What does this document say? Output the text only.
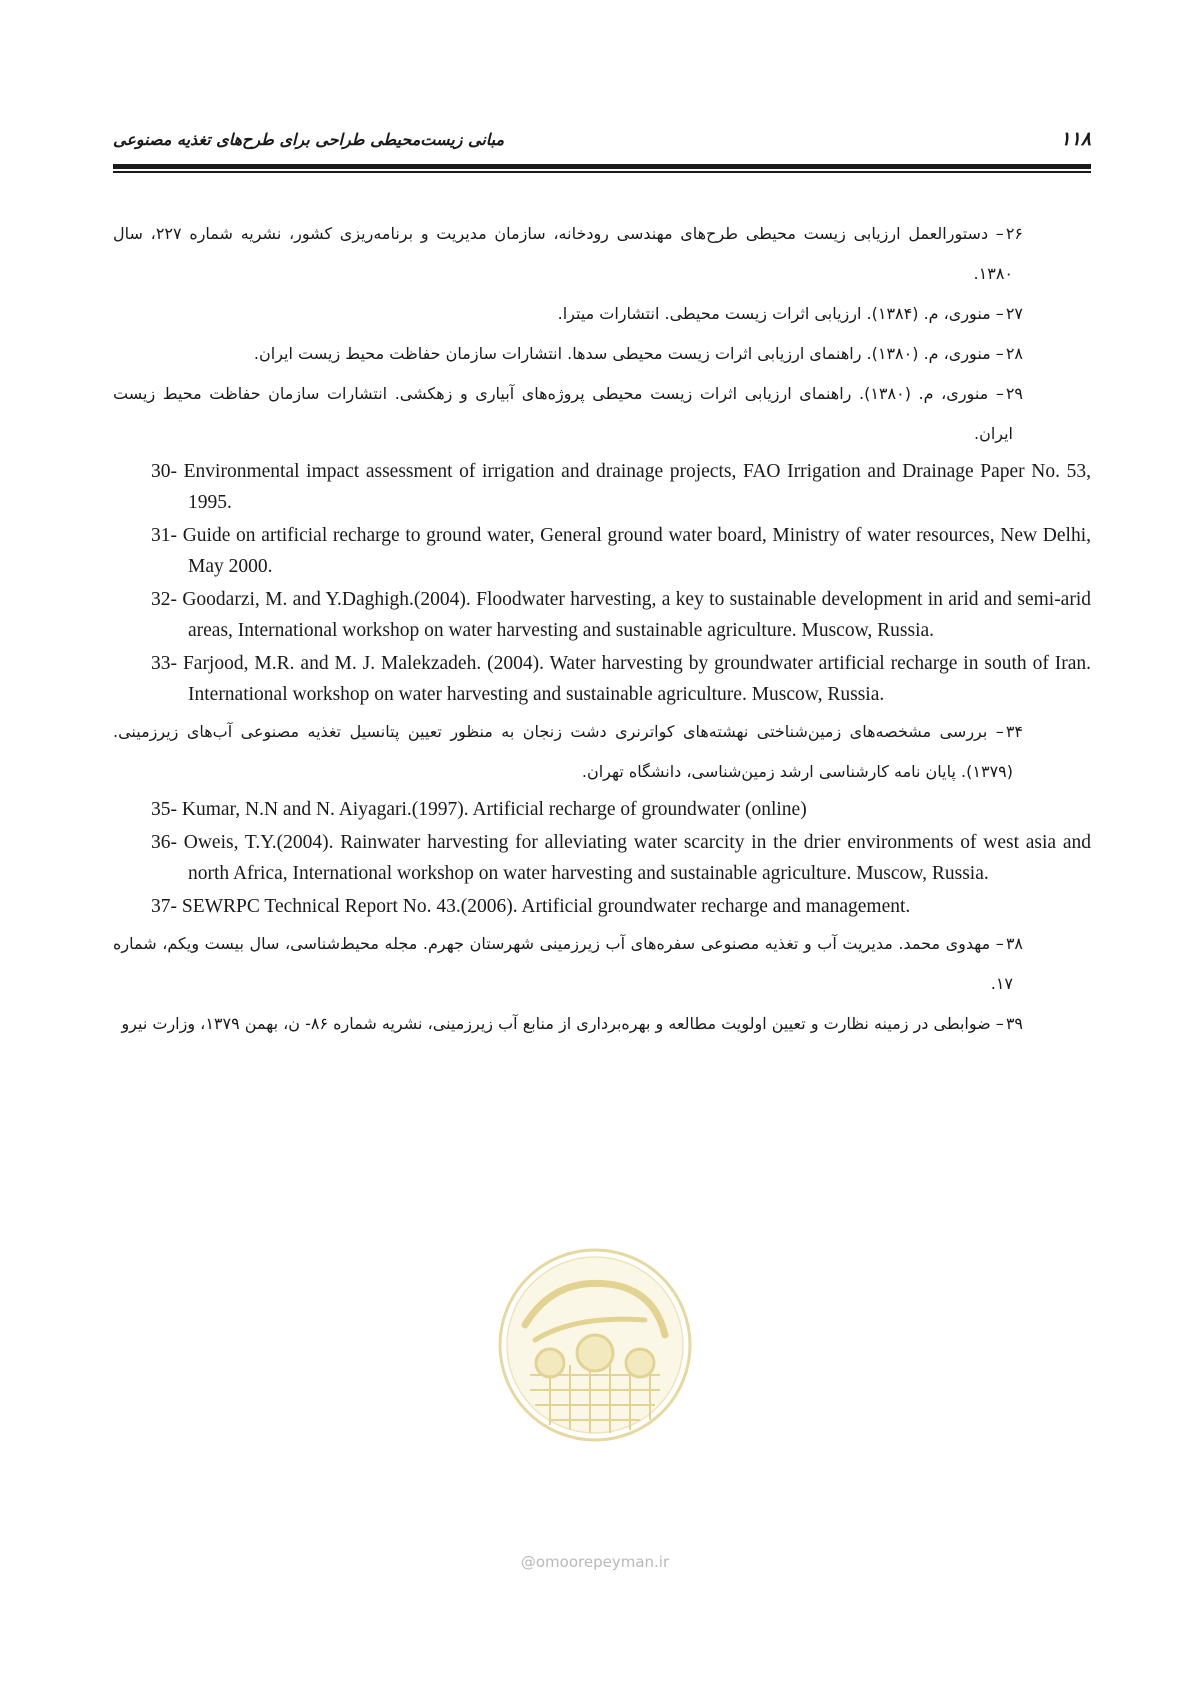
۱۱۸
مبانی زیست‌محیطی طراحی برای طرح‌های تغذیه مصنوعی
۲۶– دستورالعمل ارزیابی زیست محیطی طرح‌های مهندسی رودخانه، سازمان مدیریت و برنامه‌ریزی کشور، نشریه شماره ۲۲۷، سال ۱۳۸۰.
۲۷– منوری، م. (۱۳۸۴). ارزیابی اثرات زیست محیطی. انتشارات میترا.
۲۸– منوری، م. (۱۳۸۰). راهنمای ارزیابی اثرات زیست محیطی سدها. انتشارات سازمان حفاظت محیط زیست ایران.
۲۹– منوری، م. (۱۳۸۰). راهنمای ارزیابی اثرات زیست محیطی پروژه‌های آبیاری و زهکشی. انتشارات سازمان حفاظت محیط زیست ایران.
30- Environmental impact assessment of irrigation and drainage projects, FAO Irrigation and Drainage Paper No. 53, 1995.
31- Guide on artificial recharge to ground water, General ground water board, Ministry of water resources, New Delhi, May 2000.
32- Goodarzi, M. and Y.Daghigh.(2004). Floodwater harvesting, a key to sustainable development in arid and semi-arid areas, International workshop on water harvesting and sustainable agriculture. Muscow, Russia.
33- Farjood, M.R. and M. J. Malekzadeh. (2004). Water harvesting by groundwater artificial recharge in south of Iran. International workshop on water harvesting and sustainable agriculture. Muscow, Russia.
۳۴– بررسی مشخصه‌های زمین‌شناختی نهشته‌های کواترنری دشت زنجان به منظور تعیین پتانسیل تغذیه مصنوعی آب‌های زیرزمینی.(۱۳۷۹). پایان نامه کارشناسی ارشد زمین‌شناسی، دانشگاه تهران.
35- Kumar, N.N and N. Aiyagari.(1997). Artificial recharge of groundwater (online)
36- Oweis, T.Y.(2004). Rainwater harvesting for alleviating water scarcity in the drier environments of west asia and north Africa, International workshop on water harvesting and sustainable agriculture. Muscow, Russia.
37- SEWRPC Technical Report No. 43.(2006). Artificial groundwater recharge and management.
۳۸– مهدوی محمد. مدیریت آب و تغذیه مصنوعی سفره‌های آب زیرزمینی شهرستان جهرم. مجله محیط‌شناسی، سال بیست ویکم، شماره ۱۷.
۳۹– ضوابطی در زمینه نظارت و تعیین اولویت مطالعه و بهره‌برداری از منابع آب زیرزمینی، نشریه شماره ۸۶- ن، بهمن ۱۳۷۹، وزارت نیرو
@omoorepeyman.ir
